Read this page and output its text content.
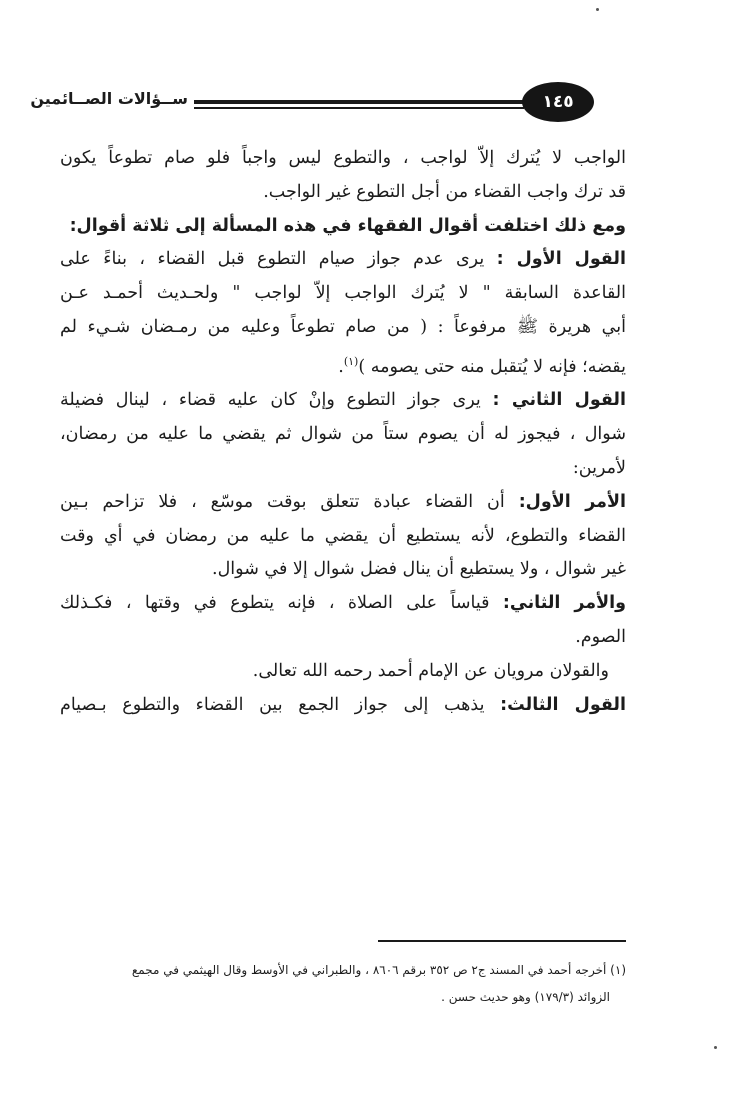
١٤٥
ســؤالات الصــائمين
الواجب لا يُترك إلاّ لواجب ، والتطوع ليس واجباً فلو صام تطوعاً يكون
قد ترك واجب القضاء من أجل التطوع غير الواجب.
ومع ذلك اختلفت أقوال الفقهاء في هذه المسألة إلى ثلاثة أقوال:
القول الأول : يرى عدم جواز صيام التطوع قبل القضاء ، بناءً على
القاعدة السابقة " لا يُترك الواجب إلاّ لواجب " ولحـديث أحمـد عـن
أبي هريرة ﷺ مرفوعاً : ( من صام تطوعاً وعليه من رمـضان شـيء لم
يقضه؛ فإنه لا يُتقبل منه حتى يصومه )$^{(١)}$.
القول الثاني : يرى جواز التطوع وإنْ كان عليه قضاء ، لينال فضيلة
شوال ، فيجوز له أن يصوم ستاً من شوال ثم يقضي ما عليه من رمضان،
لأمرين:
الأمر الأول: أن القضاء عبادة تتعلق بوقت موسّع ، فلا تزاحم بـين
القضاء والتطوع، لأنه يستطيع أن يقضي ما عليه من رمضان في أي وقت
غير شوال ، ولا يستطيع أن ينال فضل شوال إلا في شوال.
والأمر الثاني: قياساً على الصلاة ، فإنه يتطوع في وقتها ، فكـذلك
الصوم.
والقولان مرويان عن الإمام أحمد رحمه الله تعالى.
القول الثالث: يذهب إلى جواز الجمع بين القضاء والتطوع بـصيام
(١) أخرجه أحمد في المسند ج٢ ص ٣٥٢ برقم ٨٦٠٦ ، والطبراني في الأوسط وقال الهيثمي في مجمع
الزوائد (١٧٩/٣) وهو حديث حسن .
